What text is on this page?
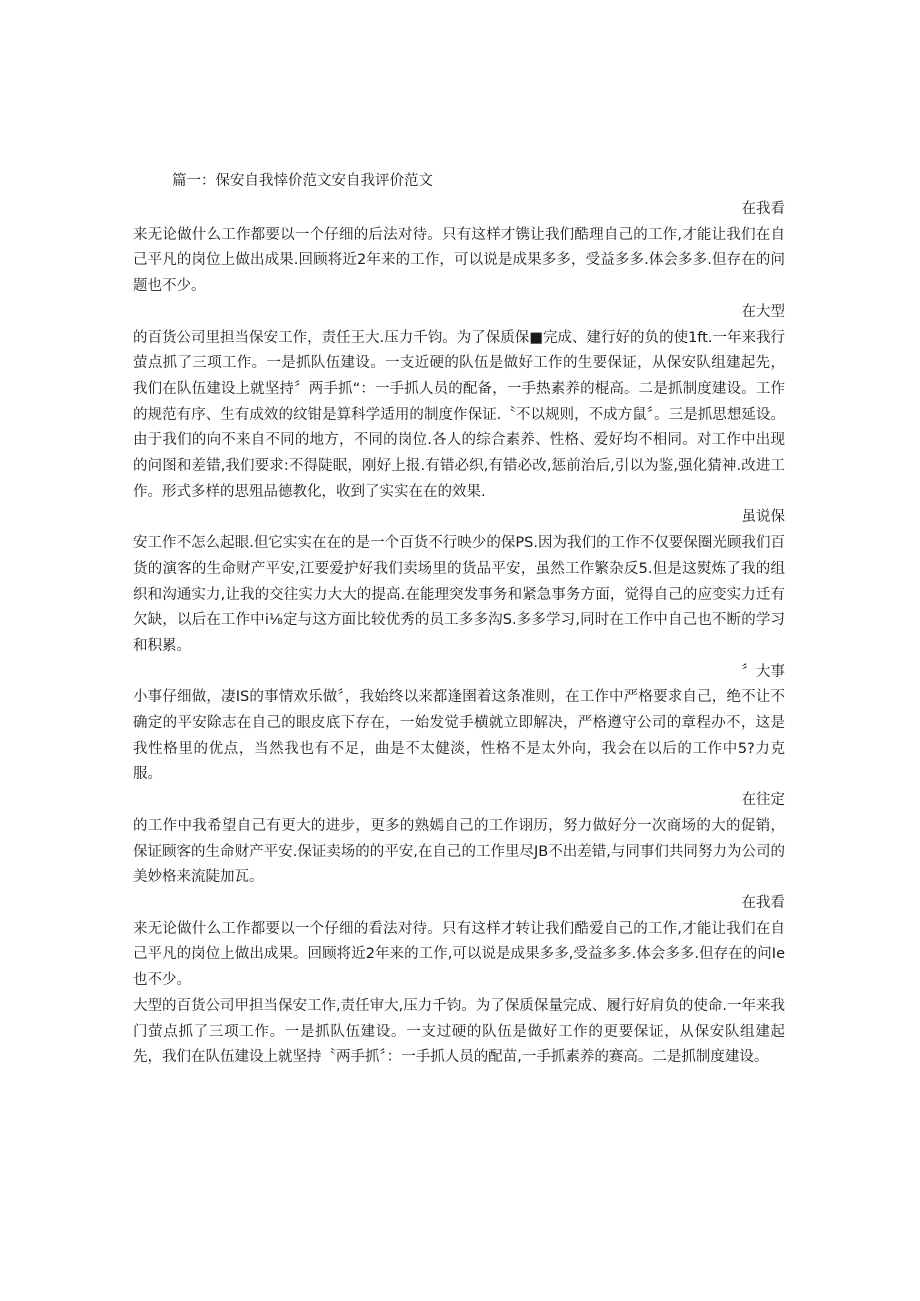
篇一：保安自我悻价范文安自我评价范文
在我看
来无论做什么工作都要以一个仔细的后法对待。只有这样才镌让我们酷理自己的工作,才能让我们在自己平凡的岗位上做出成果.回顾将近2年来的工作，可以说是成果多多，受益多多.体会多多.但存在的问题也不少。
在大型
的百货公司里担当保安工作，责任王大.压力千钧。为了保质保■完成、建行好的负的使1ft.一年来我行萤点抓了三项工作。一是抓队伍建设。一支近硬的队伍是做好工作的生要保证，从保安队组建起先，我们在队伍建设上就坚持〞两手抓“：一手抓人员的配备，一手热素养的棍高。二是抓制度建设。工作的规范有序、生有成效的纹钳是算科学适用的制度作保证.〝不以规则，不成方鼠〞。三是抓思想延设。由于我们的向不来自不同的地方，不同的岗位.各人的综合素养、性格、爱好均不相同。对工作中出现的问图和差错,我们要求:不得陡眠，刚好上报.有错必织,有错必改,惩前治后,引以为鉴,强化猜神.改进工作。形式多样的思殂品德教化，收到了实实在在的效果.
虽说保
安工作不怎么起眼.但它实实在在的是一个百货不行映少的保PS.因为我们的工作不仅要保圈光顾我们百货的演客的生命财产平安,江要爱护好我们卖场里的货品平安，虽然工作繁杂反5.但是这熨炼了我的组织和沟通实力,让我的交往实力大大的提高.在能理突发事务和紧急事务方面，觉得自己的应变实力迁有欠缺，以后在工作中i⅛定与这方面比较优秀的员工多多沟S.多多学习,同时在工作中自己也不断的学习和积累。
〞大事
小事仔细做，凄IS的事情欢乐做〞，我始终以来都逢圉着这条准则，在工作中严格要求自己，绝不让不确定的平安除志在自己的眼皮底下存在，一始发觉手横就立即解决，严格遵守公司的章程办不，这是我性格里的优点，当然我也有不足，曲是不太健淡，性格不是太外向，我会在以后的工作中5?力克服。
在往定
的工作中我希望自己有更大的进步，更多的熟嫣自己的工作诩历，努力做好分一次商场的大的促销，保证顾客的生命财产平安.保证卖场的的平安,在自己的工作里尽JB不出差错,与同事们共同努力为公司的美妙格来流陡加瓦。
在我看
来无论做什么工作都要以一个仔细的看法对待。只有这样才转让我们酷爱自己的工作,才能让我们在自己平凡的岗位上做出成果。回顾将近2年来的工作,可以说是成果多多,受益多多.体会多多.但存在的问Ie也不少。
大型的百货公司甲担当保安工作,责任审大,压力千钧。为了保质保量完成、履行好肩负的使命.一年来我门萤点抓了三项工作。一是抓队伍建设。一支过硬的队伍是做好工作的更要保证，从保安队组建起先，我们在队伍建设上就坚持〝两手抓〞：一手抓人员的配苗,一手抓素养的赛高。二是抓制度建设。
